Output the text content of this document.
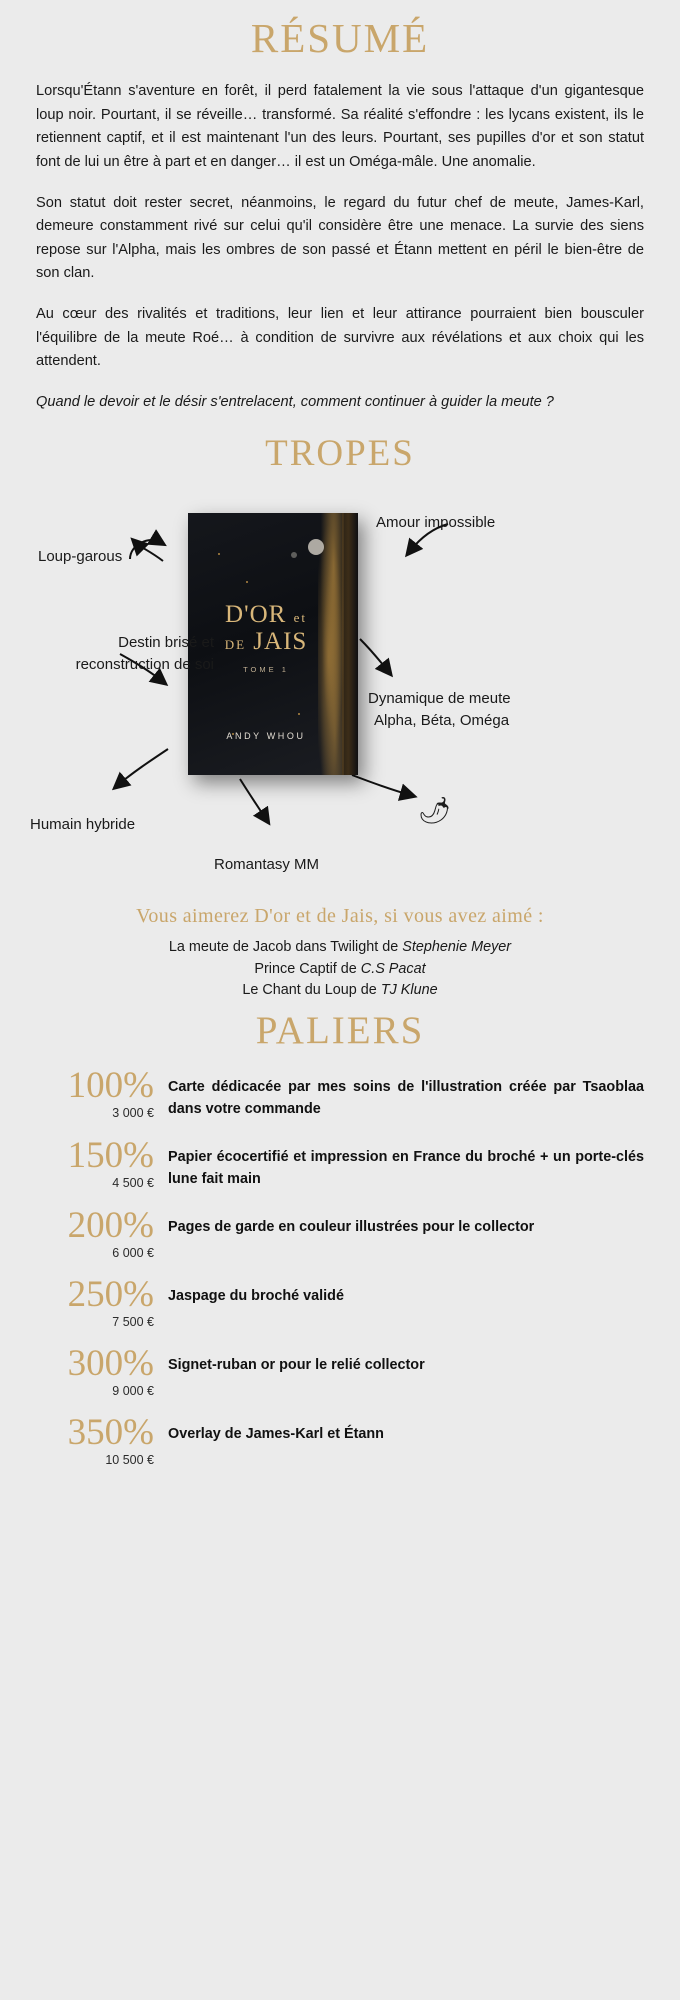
RÉSUMÉ

Lorsqu'Étann s'aventure en forêt, il perd fatalement la vie sous l'attaque d'un gigantesque loup noir. Pourtant, il se réveille… transformé. Sa réalité s'effondre : les lycans existent, ils le retiennent captif, et il est maintenant l'un des leurs. Pourtant, ses pupilles d'or et son statut font de lui un être à part et en danger… il est un Oméga-mâle. Une anomalie.

Son statut doit rester secret, néanmoins, le regard du futur chef de meute, James-Karl, demeure constamment rivé sur celui qu'il considère être une menace. La survie des siens repose sur l'Alpha, mais les ombres de son passé et Étann mettent en péril le bien-être de son clan.

Au cœur des rivalités et traditions, leur lien et leur attirance pourraient bien bousculer l'équilibre de la meute Roé… à condition de survivre aux révélations et aux choix qui les attendent.

Quand le devoir et le désir s'entrelacent, comment continuer à guider la meute ?

TROPES
D'OR et
DE JAIS
TOME 1
ANDY WHOU
Loup-garous
Amour impossible
Destin brisé et
reconstruction de soi
Dynamique de meute
Alpha, Béta, Oméga
Humain hybride
Romantasy MM
🌶
Vous aimerez D'or et de Jais, si vous avez aimé :
La meute de Jacob dans Twilight de Stephenie Meyer
Prince Captif de C.S Pacat
Le Chant du Loup de TJ Klune
PALIERS
100%
3 000 €
Carte dédicacée par mes soins de l'illustration créée par Tsaoblaa dans votre commande
150%
4 500 €
Papier écocertifié et impression en France du broché + un porte-clés lune fait main
200%
6 000 €
Pages de garde en couleur illustrées pour le collector
250%
7 500 €
Jaspage du broché validé
300%
9 000 €
Signet-ruban or pour le relié collector
350%
10 500 €
Overlay de James-Karl et Étann
